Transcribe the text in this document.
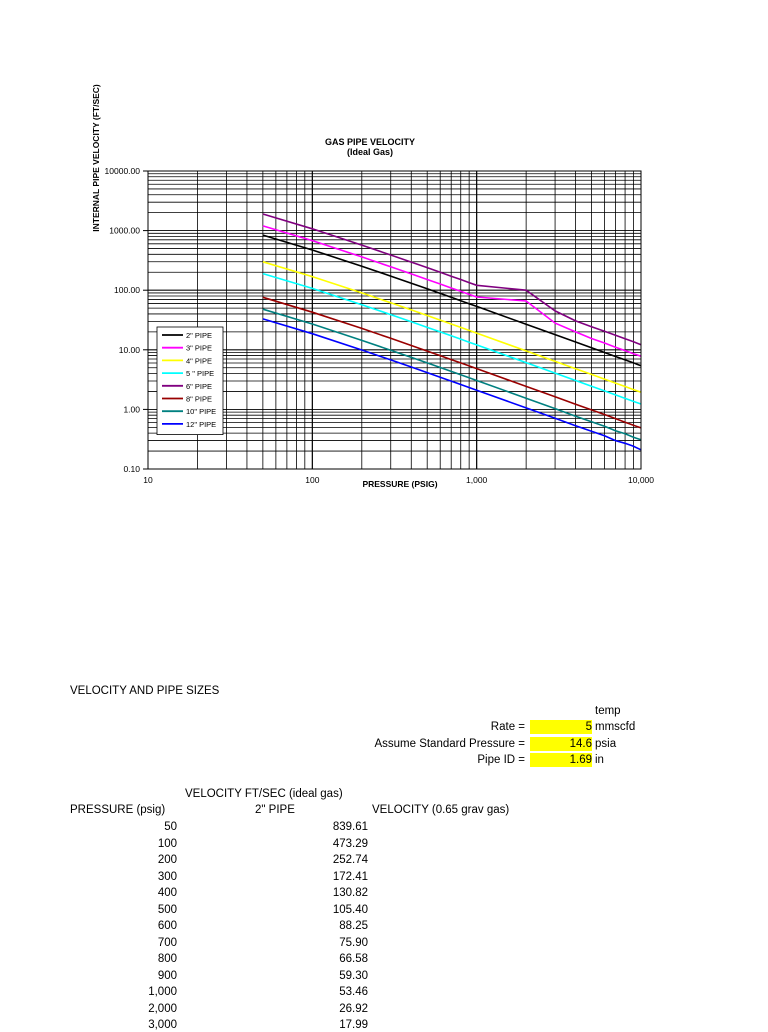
10	100	1,000	10,000
0.10
1.00
10.00
100.00
1000.00
10000.00
2" PIPE
3" PIPE
4" PIPE
5 " PIPE
6" PIPE
8" PIPE
10" PIPE
12" PIPE
GAS PIPE VELOCITY
(Ideal Gas)
PRESSURE (PSIG)
INTERNAL PIPE VELOCITY (FT/SEC)
VELOCITY AND PIPE SIZES
temp
Rate =	5 mmscfd
Assume Standard Pressure =	14.6 psia
Pipe ID =	1.69 in
VELOCITY FT/SEC (ideal gas)
PRESSURE (psig)	2" PIPE	VELOCITY (0.65 grav gas)
50	839.61
100	473.29
200	252.74
300	172.41
400	130.82
500	105.40
600	88.25
700	75.90
800	66.58
900	59.30
1,000	53.46
2,000	26.92
3,000	17.99
